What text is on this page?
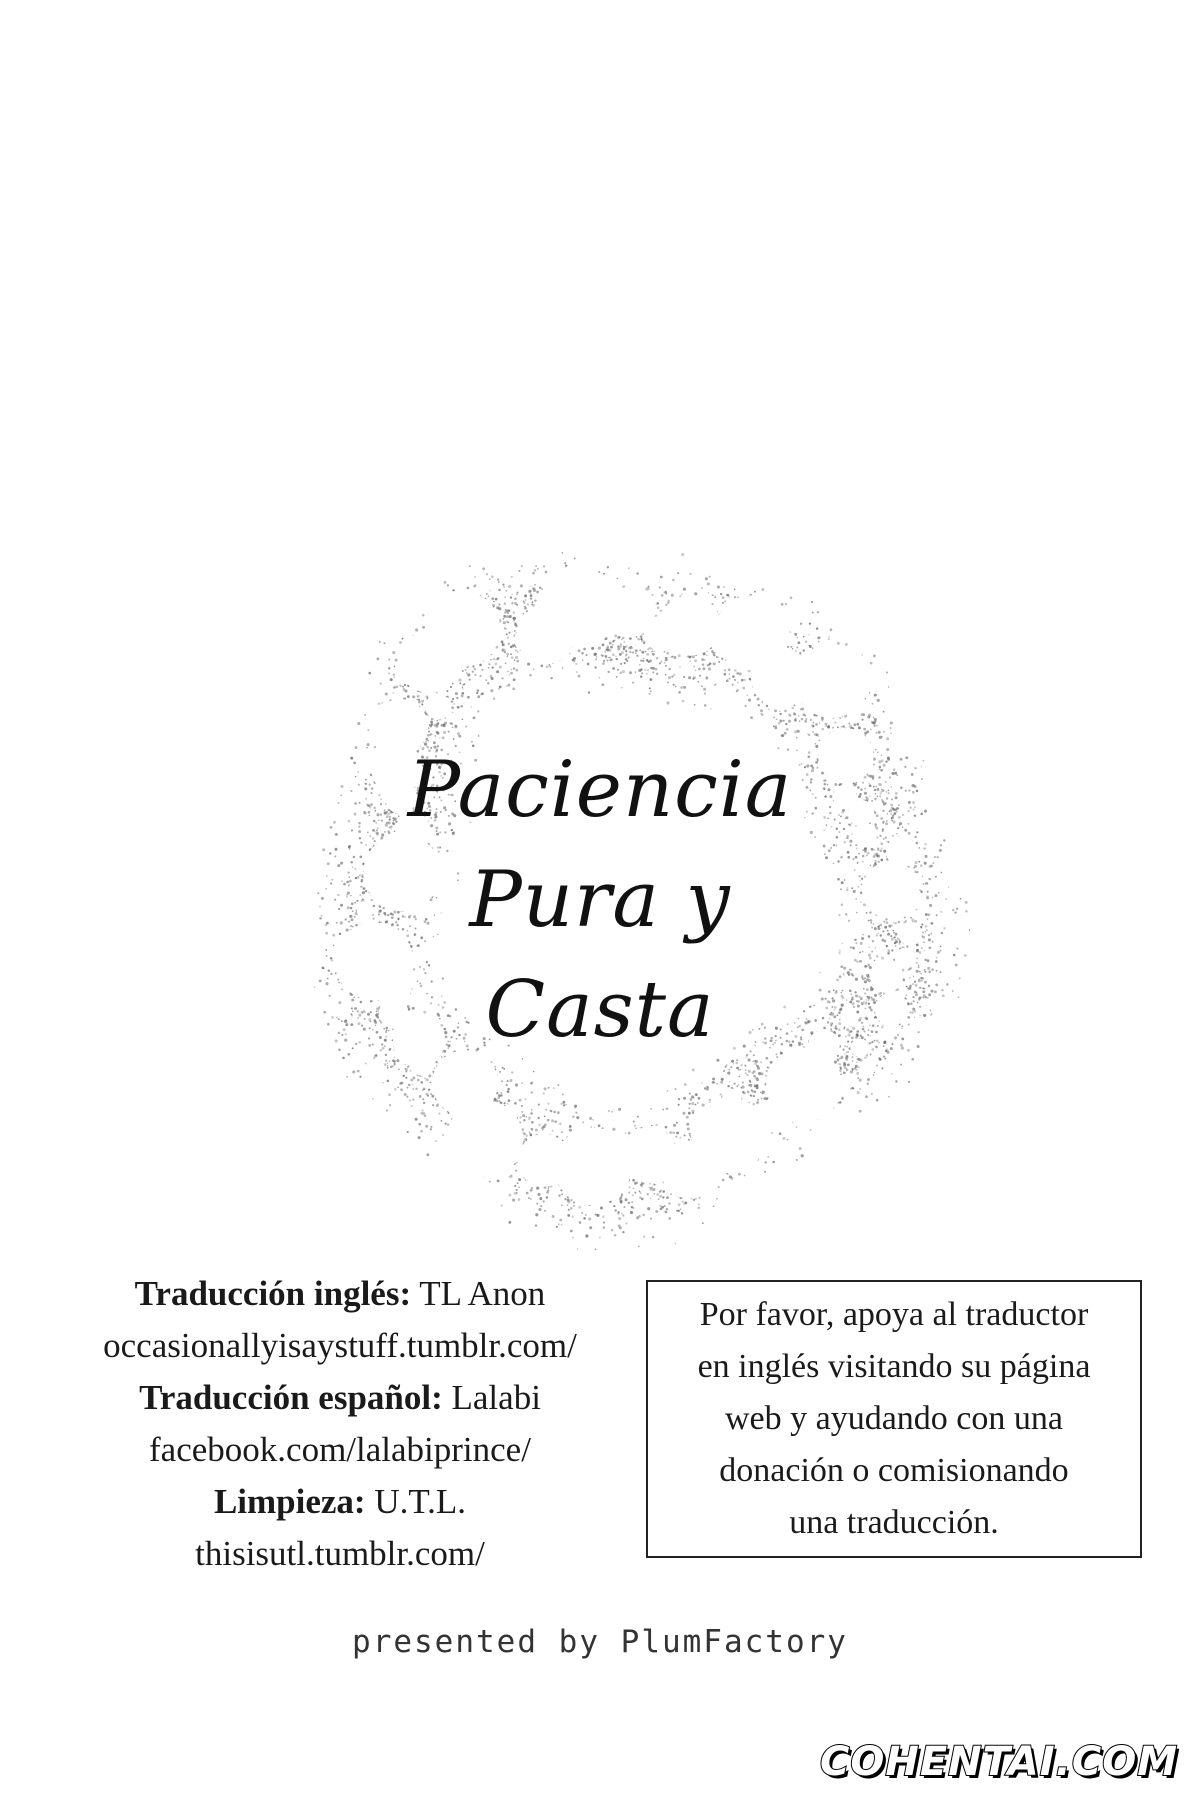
Paciencia
Pura y
Casta
Traducción inglés: TL Anon
occasionallyisaystuff.tumblr.com/
Traducción español: Lalabi
facebook.com/lalabiprince/
Limpieza: U.T.L.
thisisutl.tumblr.com/
Por favor, apoya al traductor
en inglés visitando su página
web y ayudando con una
donación o comisionando
una traducción.
presented by PlumFactory
COHENTAI.COM
